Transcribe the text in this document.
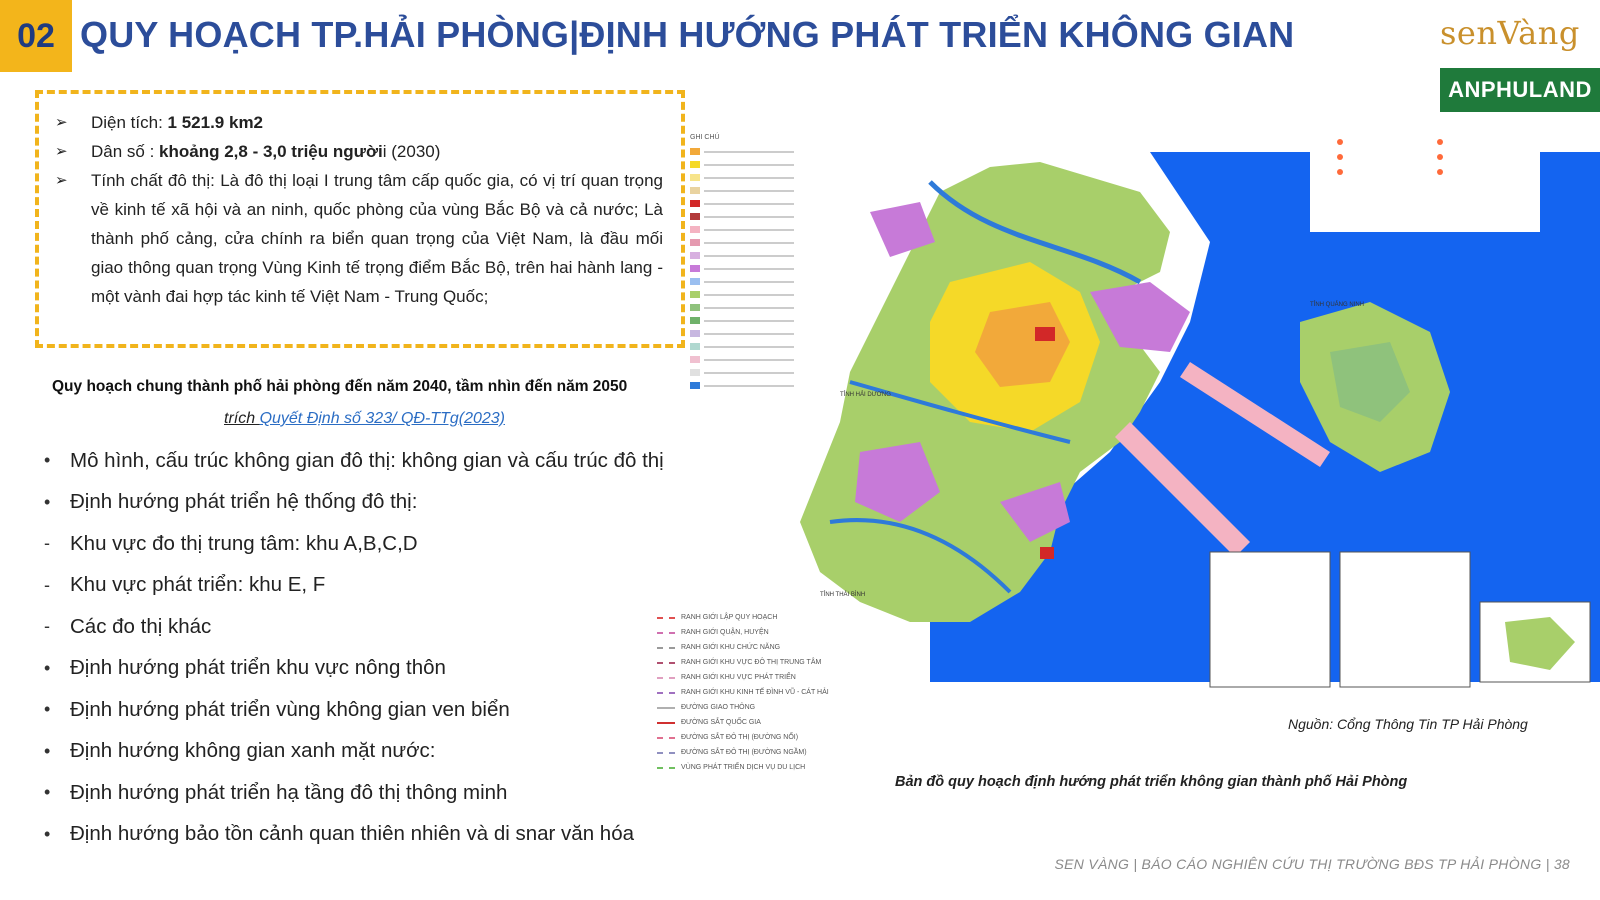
02 QUY HOẠCH TP.HẢI PHÒNG|ĐỊNH HƯỚNG PHÁT TRIỂN KHÔNG GIAN	senVàng
ANPHULAND
➢	Diện tích: 1 521.9 km2
➢	Dân số : khoảng 2,8 - 3,0 triệu ngườii (2030)
➢	Tính chất đô thị: Là đô thị loại I trung tâm cấp quốc gia, có vị trí quan trọng về kinh tế xã hội và an ninh, quốc phòng của vùng Bắc Bộ và cả nước; Là thành phố cảng, cửa chính ra biển quan trọng của Việt Nam, là đầu mối giao thông quan trọng Vùng Kinh tế trọng điểm Bắc Bộ, trên hai hành lang - một vành đai hợp tác kinh tế Việt Nam - Trung Quốc;
Quy hoạch chung thành phố hải phòng đến năm 2040, tầm nhìn đến năm 2050
trích Quyết Định số 323/ QĐ-TTg(2023)
• Mô hình, cấu trúc không gian đô thị: không gian và cấu trúc đô thị
• Định hướng phát triển hệ thống đô thị:
- Khu vực đo thị trung tâm: khu A,B,C,D
- Khu vực phát triển: khu E, F
- Các đo thị khác
• Định hướng phát triển khu vực nông thôn
• Định hướng phát triển vùng không gian ven biển
• Định hướng không gian xanh mặt nước:
• Định hướng phát triển hạ tầng đô thị thông minh
• Định hướng bảo tồn cảnh quan thiên nhiên và di snar văn hóa
TỈNH HẢI DƯƠNG
TỈNH QUẢNG NINH
TỈNH THÁI BÌNH
GHI CHÚ
RANH GIỚI LẬP QUY HOẠCH
RANH GIỚI QUẬN, HUYỆN
RANH GIỚI KHU CHỨC NĂNG
RANH GIỚI KHU VỰC ĐÔ THỊ TRUNG TÂM
RANH GIỚI KHU VỰC PHÁT TRIỂN
RANH GIỚI KHU KINH TẾ ĐÌNH VŨ - CÁT HẢI
ĐƯỜNG GIAO THÔNG
ĐƯỜNG SẮT QUỐC GIA
ĐƯỜNG SẮT ĐÔ THỊ (ĐƯỜNG NỔI)
ĐƯỜNG SẮT ĐÔ THỊ (ĐƯỜNG NGẦM)
VÙNG PHÁT TRIỂN DỊCH VỤ DU LỊCH
Nguồn: Cổng Thông Tin TP Hải Phòng
Bản đồ quy hoạch định hướng phát triển không gian thành phố Hải Phòng
SEN VÀNG | BÁO CÁO NGHIÊN CỨU THỊ TRƯỜNG BĐS TP HẢI PHÒNG | 38
